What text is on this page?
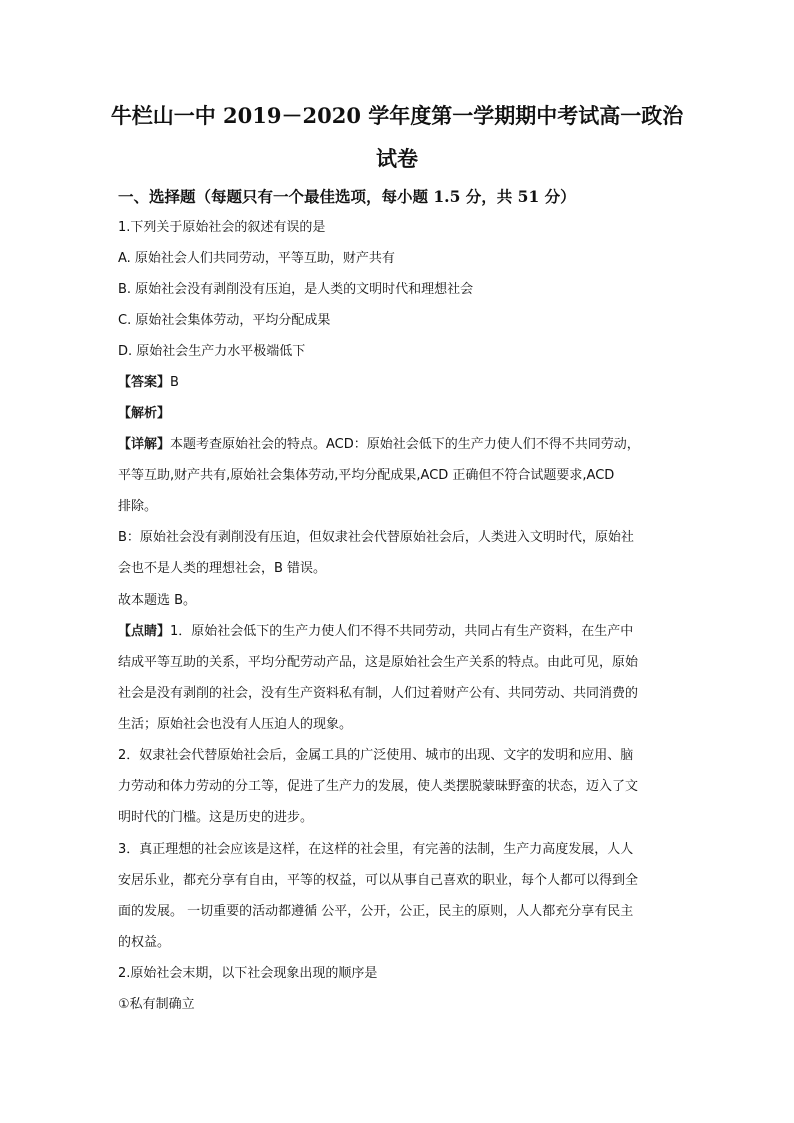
牛栏山一中 2019－2020 学年度第一学期期中考试高一政治
试卷
一、选择题（每题只有一个最佳选项，每小题 1.5 分，共 51 分）
1.下列关于原始社会的叙述有误的是
A. 原始社会人们共同劳动，平等互助，财产共有
B. 原始社会没有剥削没有压迫，是人类的文明时代和理想社会
C. 原始社会集体劳动，平均分配成果
D. 原始社会生产力水平极端低下
【答案】B
【解析】
【详解】本题考查原始社会的特点。ACD：原始社会低下的生产力使人们不得不共同劳动，
平等互助,财产共有,原始社会集体劳动,平均分配成果,ACD 正确但不符合试题要求,ACD
排除。
B：原始社会没有剥削没有压迫，但奴隶社会代替原始社会后，人类进入文明时代，原始社
会也不是人类的理想社会，B 错误。
故本题选 B。
【点睛】1．原始社会低下的生产力使人们不得不共同劳动，共同占有生产资料，在生产中
结成平等互助的关系，平均分配劳动产品，这是原始社会生产关系的特点。由此可见，原始
社会是没有剥削的社会，没有生产资料私有制，人们过着财产公有、共同劳动、共同消费的
生活；原始社会也没有人压迫人的现象。
2．奴隶社会代替原始社会后，金属工具的广泛使用、城市的出现、文字的发明和应用、脑
力劳动和体力劳动的分工等，促进了生产力的发展，使人类摆脱蒙昧野蛮的状态，迈入了文
明时代的门槛。这是历史的进步。
3．真正理想的社会应该是这样，在这样的社会里，有完善的法制，生产力高度发展，人人
安居乐业，都充分享有自由，平等的权益，可以从事自己喜欢的职业，每个人都可以得到全
面的发展。 一切重要的活动都遵循 公平，公开，公正，民主的原则，人人都充分享有民主
的权益。
2.原始社会末期，以下社会现象出现的顺序是
①私有制确立
